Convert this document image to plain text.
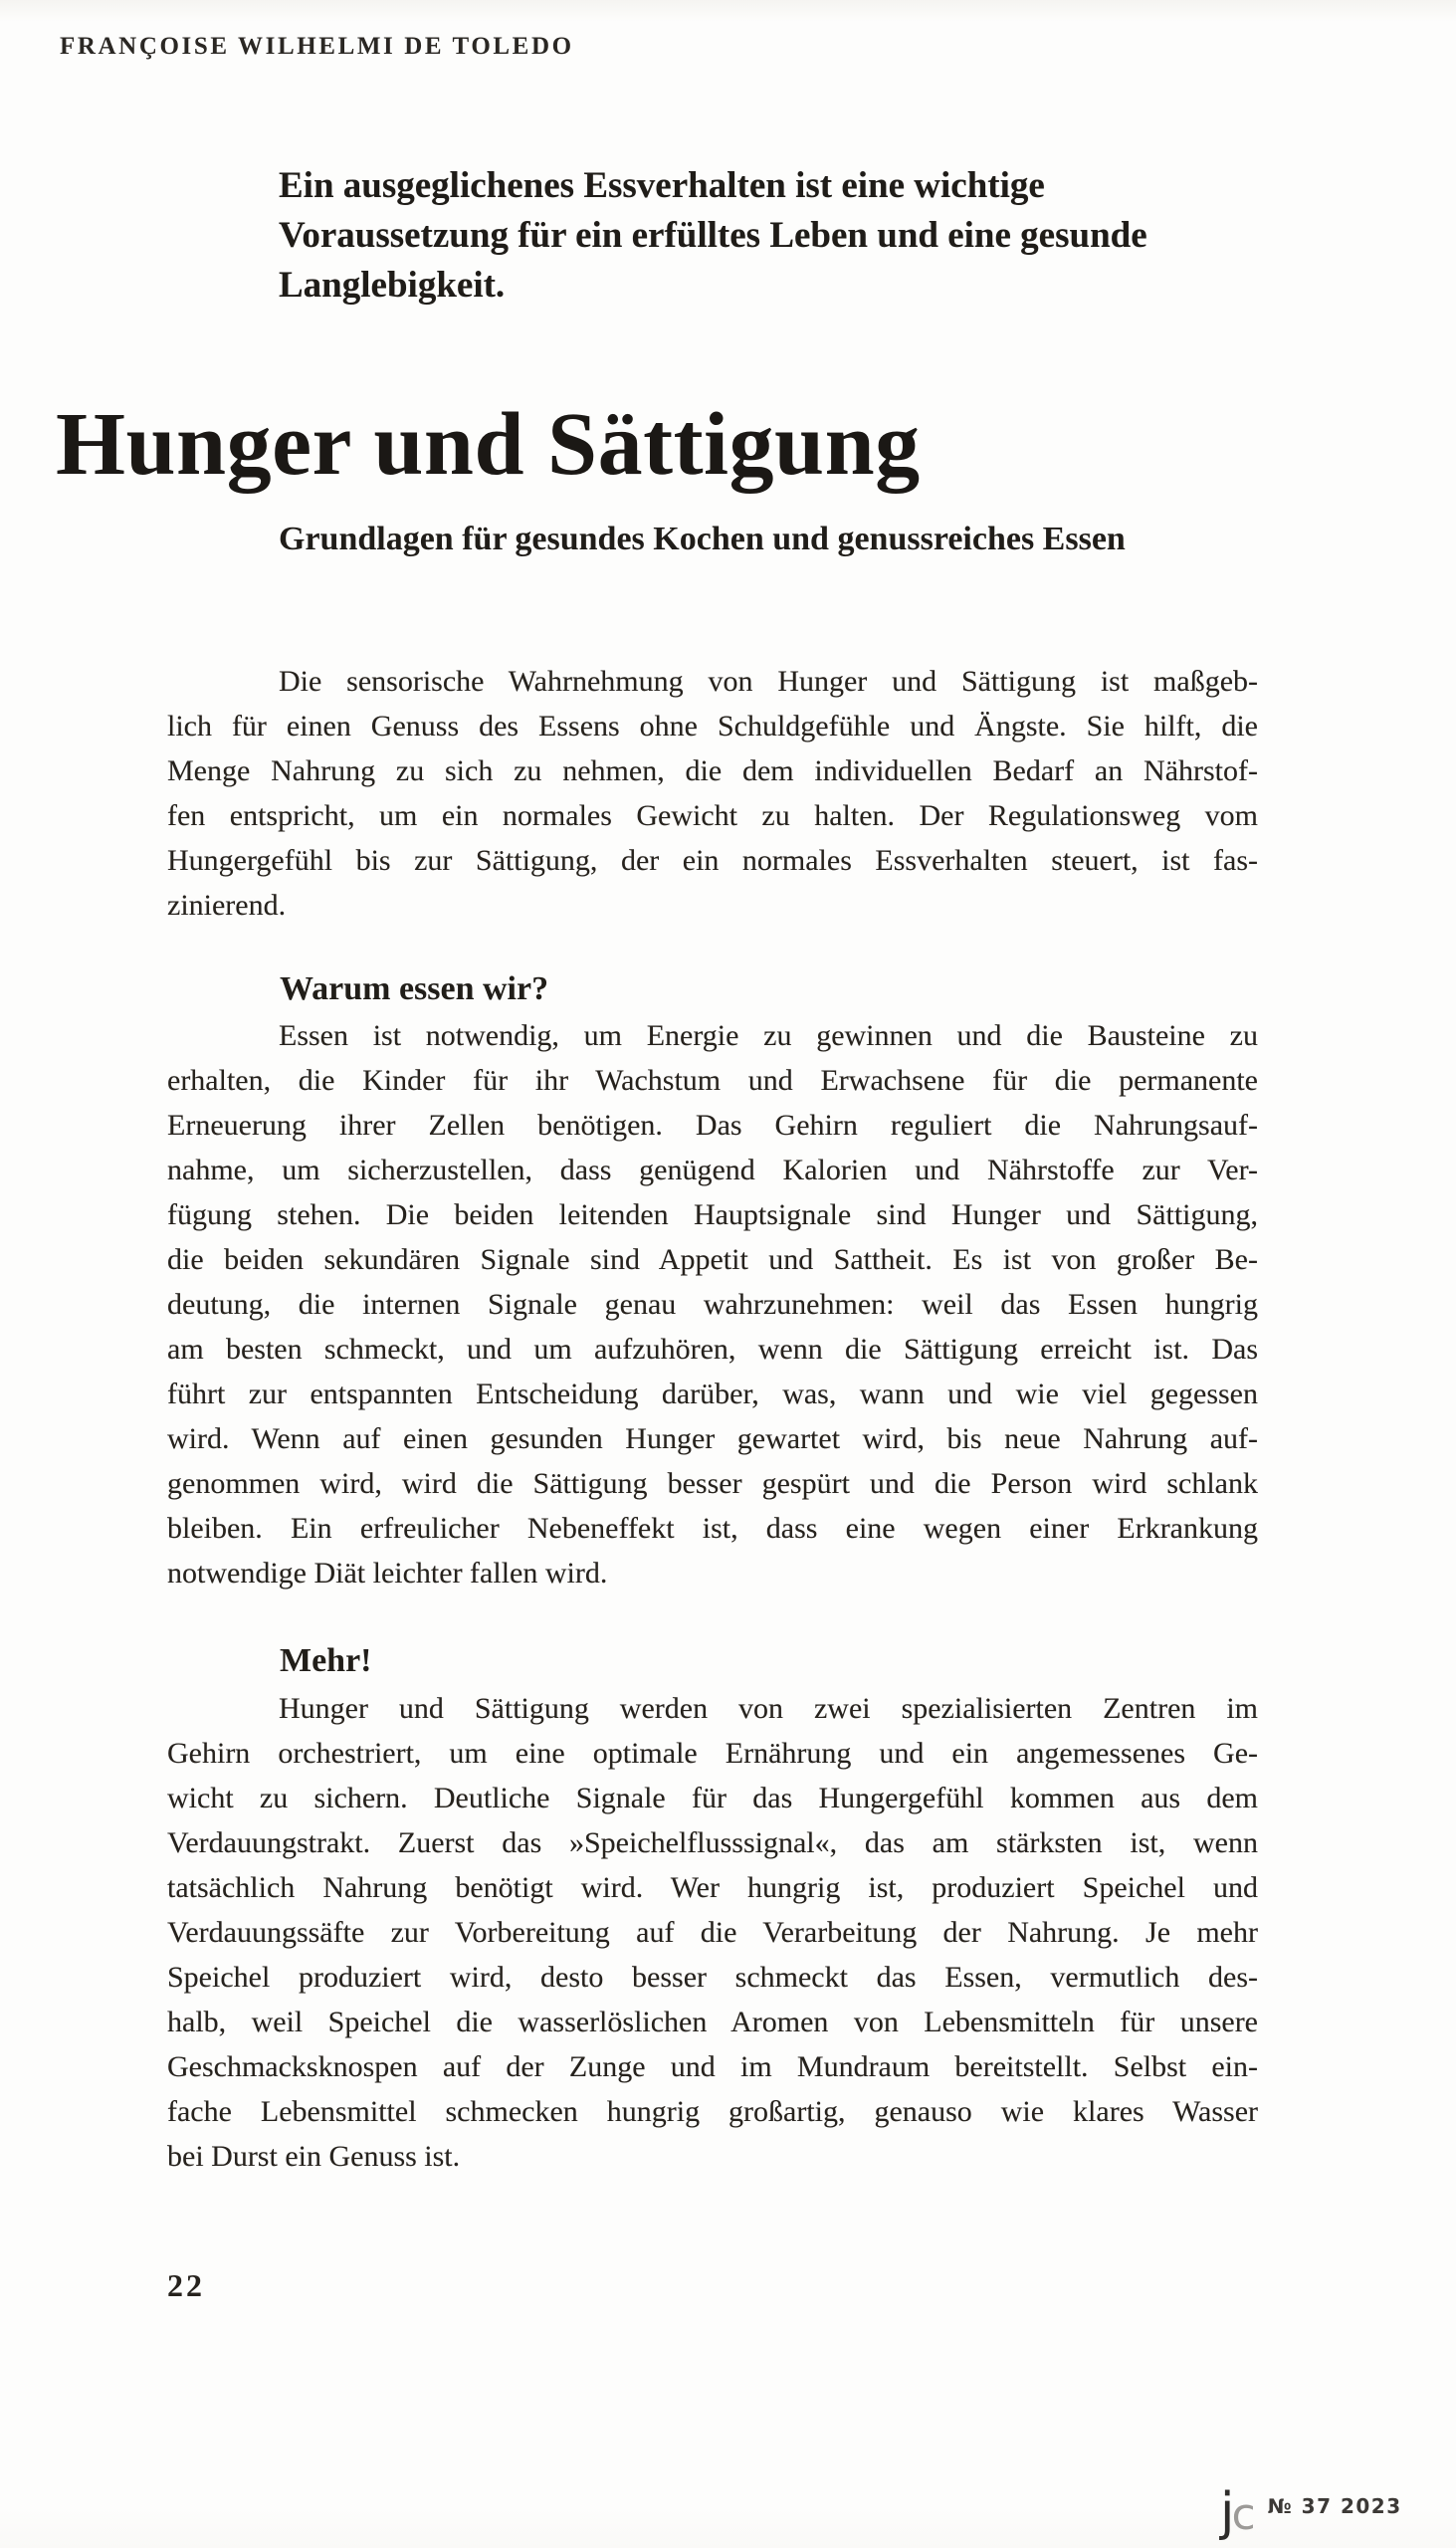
FRANÇOISE WILHELMI DE TOLEDO
Ein ausgeglichenes Essverhalten ist eine wichtige
Voraussetzung für ein erfülltes Leben und eine gesunde
Langlebigkeit.
Hunger und Sättigung
Grundlagen für gesundes Kochen und genussreiches Essen
Die sensorische Wahrnehmung von Hunger und Sättigung ist maßgeb-
lich für einen Genuss des Essens ohne Schuldgefühle und Ängste. Sie hilft, die
Menge Nahrung zu sich zu nehmen, die dem individuellen Bedarf an Nährstof-
fen entspricht, um ein normales Gewicht zu halten. Der Regulationsweg vom
Hungergefühl bis zur Sättigung, der ein normales Essverhalten steuert, ist fas-
zinierend.
Warum essen wir?
Essen ist notwendig, um Energie zu gewinnen und die Bausteine zu
erhalten, die Kinder für ihr Wachstum und Erwachsene für die permanente
Erneuerung ihrer Zellen benötigen. Das Gehirn reguliert die Nahrungsauf-
nahme, um sicherzustellen, dass genügend Kalorien und Nährstoffe zur Ver-
fügung stehen. Die beiden leitenden Hauptsignale sind Hunger und Sättigung,
die beiden sekundären Signale sind Appetit und Sattheit. Es ist von großer Be-
deutung, die internen Signale genau wahrzunehmen: weil das Essen hungrig
am besten schmeckt, und um aufzuhören, wenn die Sättigung erreicht ist. Das
führt zur entspannten Entscheidung darüber, was, wann und wie viel gegessen
wird. Wenn auf einen gesunden Hunger gewartet wird, bis neue Nahrung auf-
genommen wird, wird die Sättigung besser gespürt und die Person wird schlank
bleiben. Ein erfreulicher Nebeneffekt ist, dass eine wegen einer Erkrankung
notwendige Diät leichter fallen wird.
Mehr!
Hunger und Sättigung werden von zwei spezialisierten Zentren im
Gehirn orchestriert, um eine optimale Ernährung und ein angemessenes Ge-
wicht zu sichern. Deutliche Signale für das Hungergefühl kommen aus dem
Verdauungstrakt. Zuerst das »Speichelflusssignal«, das am stärksten ist, wenn
tatsächlich Nahrung benötigt wird. Wer hungrig ist, produziert Speichel und
Verdauungssäfte zur Vorbereitung auf die Verarbeitung der Nahrung. Je mehr
Speichel produziert wird, desto besser schmeckt das Essen, vermutlich des-
halb, weil Speichel die wasserlöslichen Aromen von Lebensmitteln für unsere
Geschmacksknospen auf der Zunge und im Mundraum bereitstellt. Selbst ein-
fache Lebensmittel schmecken hungrig großartig, genauso wie klares Wasser
bei Durst ein Genuss ist.
22
j
c № 37 2023
